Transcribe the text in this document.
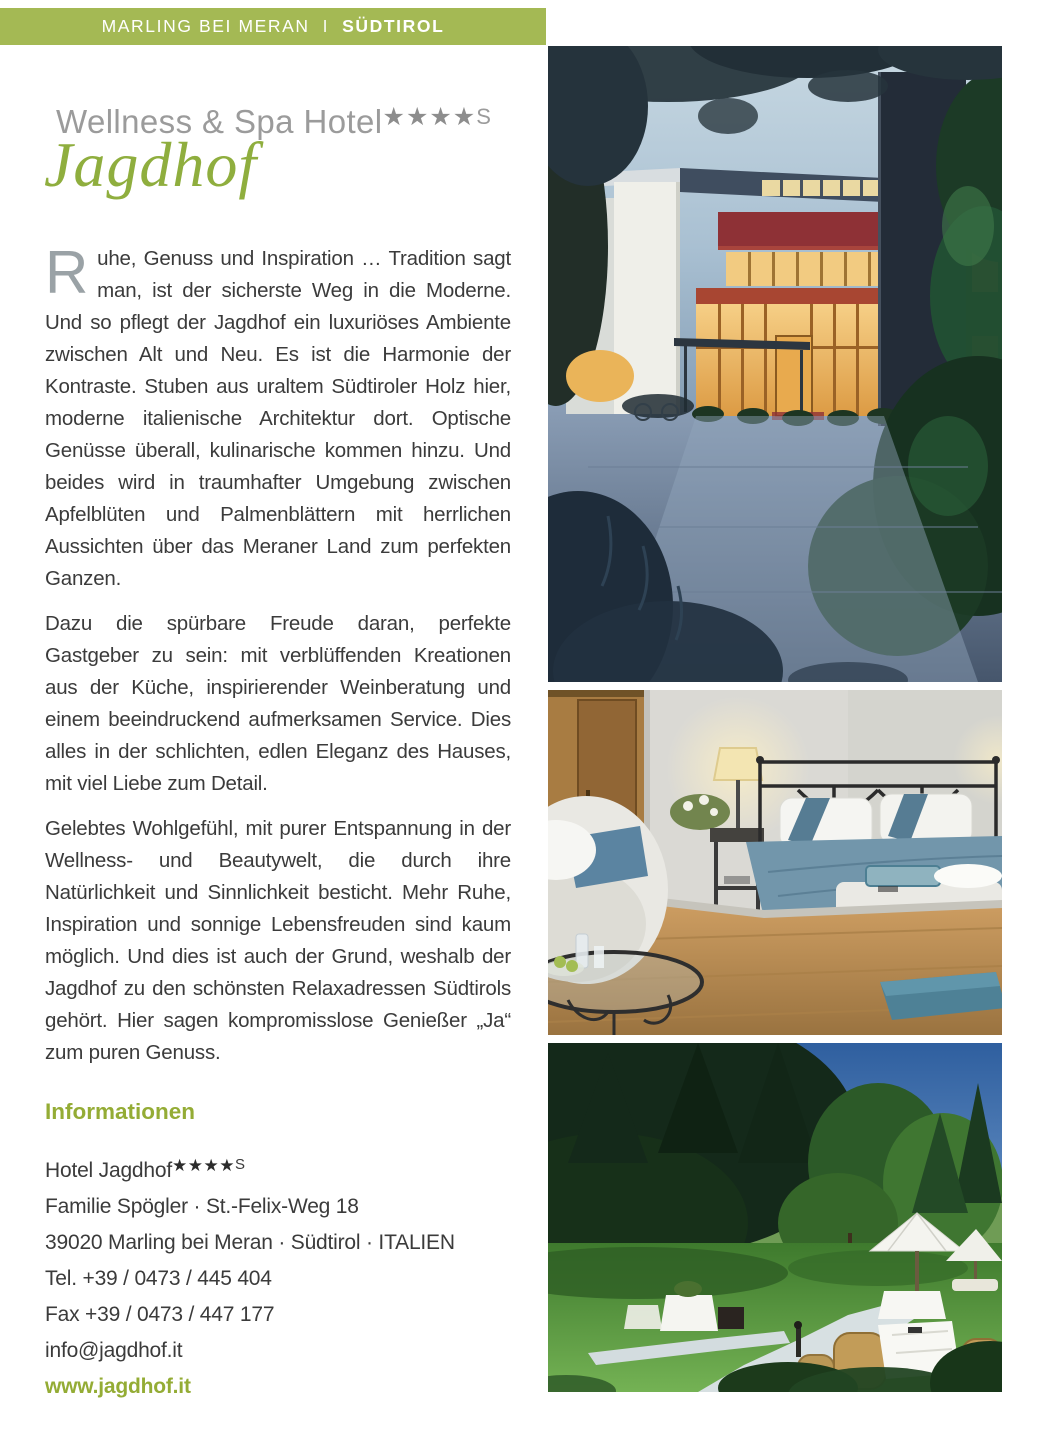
MARLING BEI MERAN I SÜDTIROL
Wellness & Spa Hotel$^{★★★★S}$
Jagdhof

Ruhe, Genuss und Inspiration … Tradition sagt man, ist der sicherste Weg in die Moderne. Und so pflegt der Jagdhof ein luxuriöses Ambiente zwischen Alt und Neu. Es ist die Harmonie der Kontraste. Stuben aus uraltem Südtiroler Holz hier, moderne italienische Architektur dort. Optische Genüsse überall, kulinarische kommen hinzu. Und beides wird in traumhafter Umgebung zwischen Apfelblüten und Palmenblättern mit herrlichen Aussichten über das Meraner Land zum perfekten Ganzen.

Dazu die spürbare Freude daran, perfekte Gastgeber zu sein: mit verblüffenden Kreationen aus der Küche, inspirierender Weinberatung und einem beeindruckend aufmerksamen Service. Dies alles in der schlichten, edlen Eleganz des Hauses, mit viel Liebe zum Detail.

Gelebtes Wohlgefühl, mit purer Entspannung in der Wellness- und Beautywelt, die durch ihre Natürlichkeit und Sinnlichkeit besticht. Mehr Ruhe, Inspiration und sonnige Lebensfreuden sind kaum möglich. Und dies ist auch der Grund, weshalb der Jagdhof zu den schönsten Relaxadressen Südtirols gehört. Hier sagen kompromisslose Genießer „Ja“ zum puren Genuss.

Informationen
Hotel Jagdhof$^{★★★★S}$
Familie Spögler · St.-Felix-Weg 18
39020 Marling bei Meran · Südtirol · ITALIEN
Tel. +39 / 0473 / 445 404
Fax +39 / 0473 / 447 177
info@jagdhof.it
www.jagdhof.it
